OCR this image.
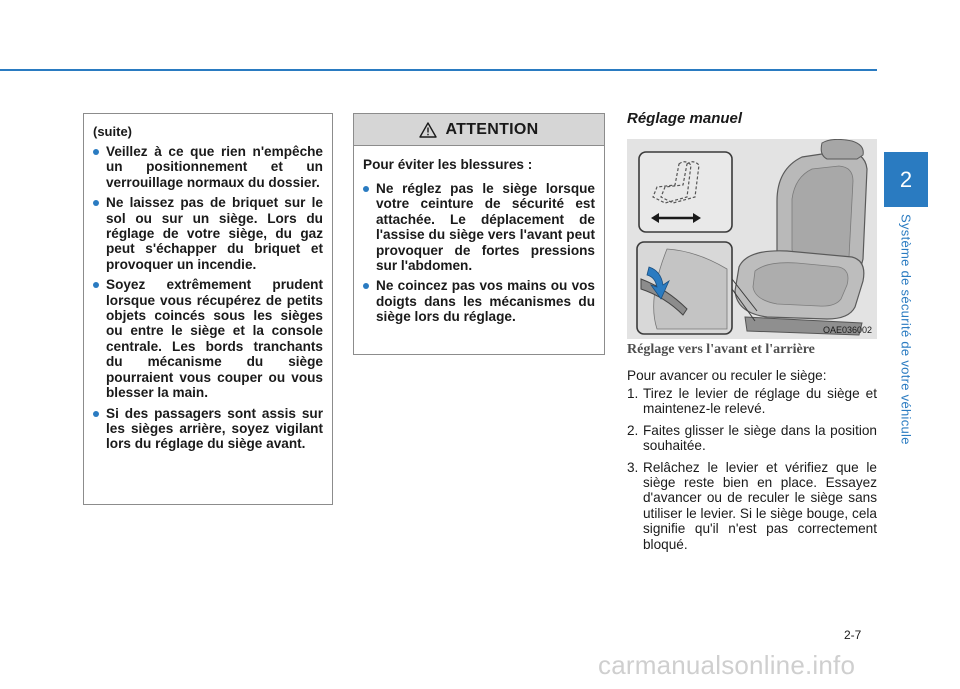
2
Système de sécurité de votre véhicule
(suite)
Veillez à ce que rien n'empêche un positionnement et un verrouillage normaux du dossier.
Ne laissez pas de briquet sur le sol ou sur un siège. Lors du réglage de votre siège, du gaz peut s'échapper du briquet et provoquer un incendie.
Soyez extrêmement prudent lorsque vous récupérez de petits objets coincés sous les sièges ou entre le siège et la console centrale. Les bords tranchants du mécanisme du siège pourraient vous couper ou vous blesser la main.
Si des passagers sont assis sur les sièges arrière, soyez vigilant lors du réglage du siège avant.
ATTENTION
Pour éviter les blessures :
Ne réglez pas le siège lorsque votre ceinture de sécurité est attachée. Le déplacement de l'assise du siège vers l'avant peut provoquer de fortes pressions sur l'abdomen.
Ne coincez pas vos mains ou vos doigts dans les mécanismes du siège lors du réglage.
Réglage manuel
OAE036002
Réglage vers l'avant et l'arrière
Pour avancer ou reculer le siège:
1. Tirez le levier de réglage du siège et maintenez-le relevé.
2. Faites glisser le siège dans la position souhaitée.
3. Relâchez le levier et vérifiez que le siège reste bien en place. Essayez d'avancer ou de reculer le siège sans utiliser le levier. Si le siège bouge, cela signifie qu'il n'est pas correctement bloqué.
2-7
carmanualsonline.info
